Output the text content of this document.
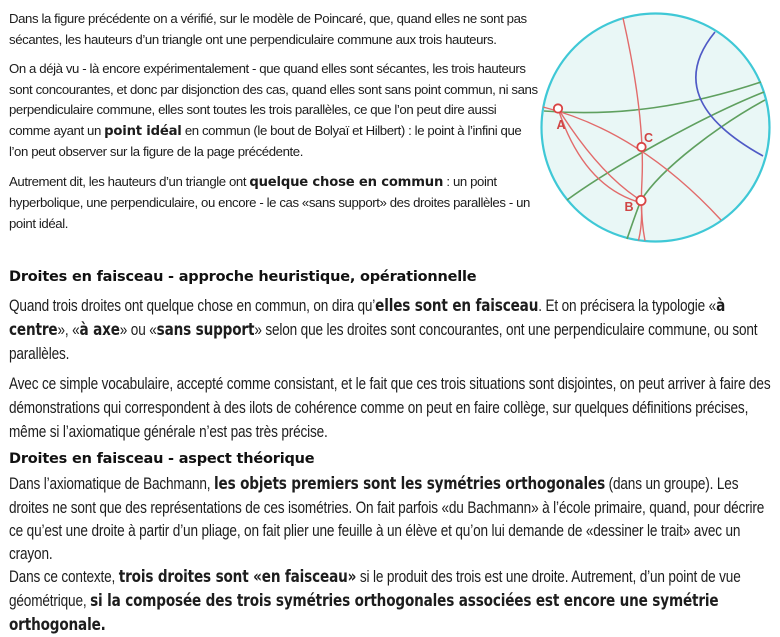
Dans la figure précédente on a vérifié, sur le modèle de Poincaré, que, quand elles ne sont pas sécantes, les hauteurs d’un triangle ont une perpendiculaire commune aux trois hauteurs.
On a déjà vu - là encore expérimentalement - que quand elles sont sécantes, les trois hauteurs sont concourantes, et donc par disjonction des cas, quand elles sont sans point commun, ni sans perpendiculaire commune, elles sont toutes les trois parallèles, ce que l’on peut dire aussi comme ayant un point idéal en commun (le bout de Bolyaï et Hilbert) : le point à l’infini que l’on peut observer sur la figure de la page précédente.
Autrement dit, les hauteurs d’un triangle ont quelque chose en commun : un point hyperbolique, une perpendiculaire, ou encore - le cas «sans support» des droites parallèles - un point idéal.
A
C
B
Droites en faisceau - approche heuristique, opérationnelle
Quand trois droites ont quelque chose en commun, on dira qu’elles sont en faisceau. Et on précisera la typologie «à centre», «à axe» ou «sans support» selon que les droites sont concourantes, ont une perpendiculaire commune, ou sont parallèles.
Avec ce simple vocabulaire, accepté comme consistant, et le fait que ces trois situations sont disjointes, on peut arriver à faire des démonstrations qui correspondent à des ilots de cohérence comme on peut en faire collège, sur quelques définitions précises, même si l’axiomatique générale n’est pas très précise.
Droites en faisceau - aspect théorique
Dans l’axiomatique de Bachmann, les objets premiers sont les symétries orthogonales (dans un groupe). Les droites ne sont que des représentations de ces isométries. On fait parfois «du Bachmann» à l’école primaire, quand, pour décrire ce qu’est une droite à partir d’un pliage, on fait plier une feuille à un élève et qu’on lui demande de «dessiner le trait» avec un crayon.
Dans ce contexte, trois droites sont «en faisceau» si le produit des trois est une droite. Autrement, d’un point de vue géométrique, si la composée des trois symétries orthogonales associées est encore une symétrie orthogonale.
